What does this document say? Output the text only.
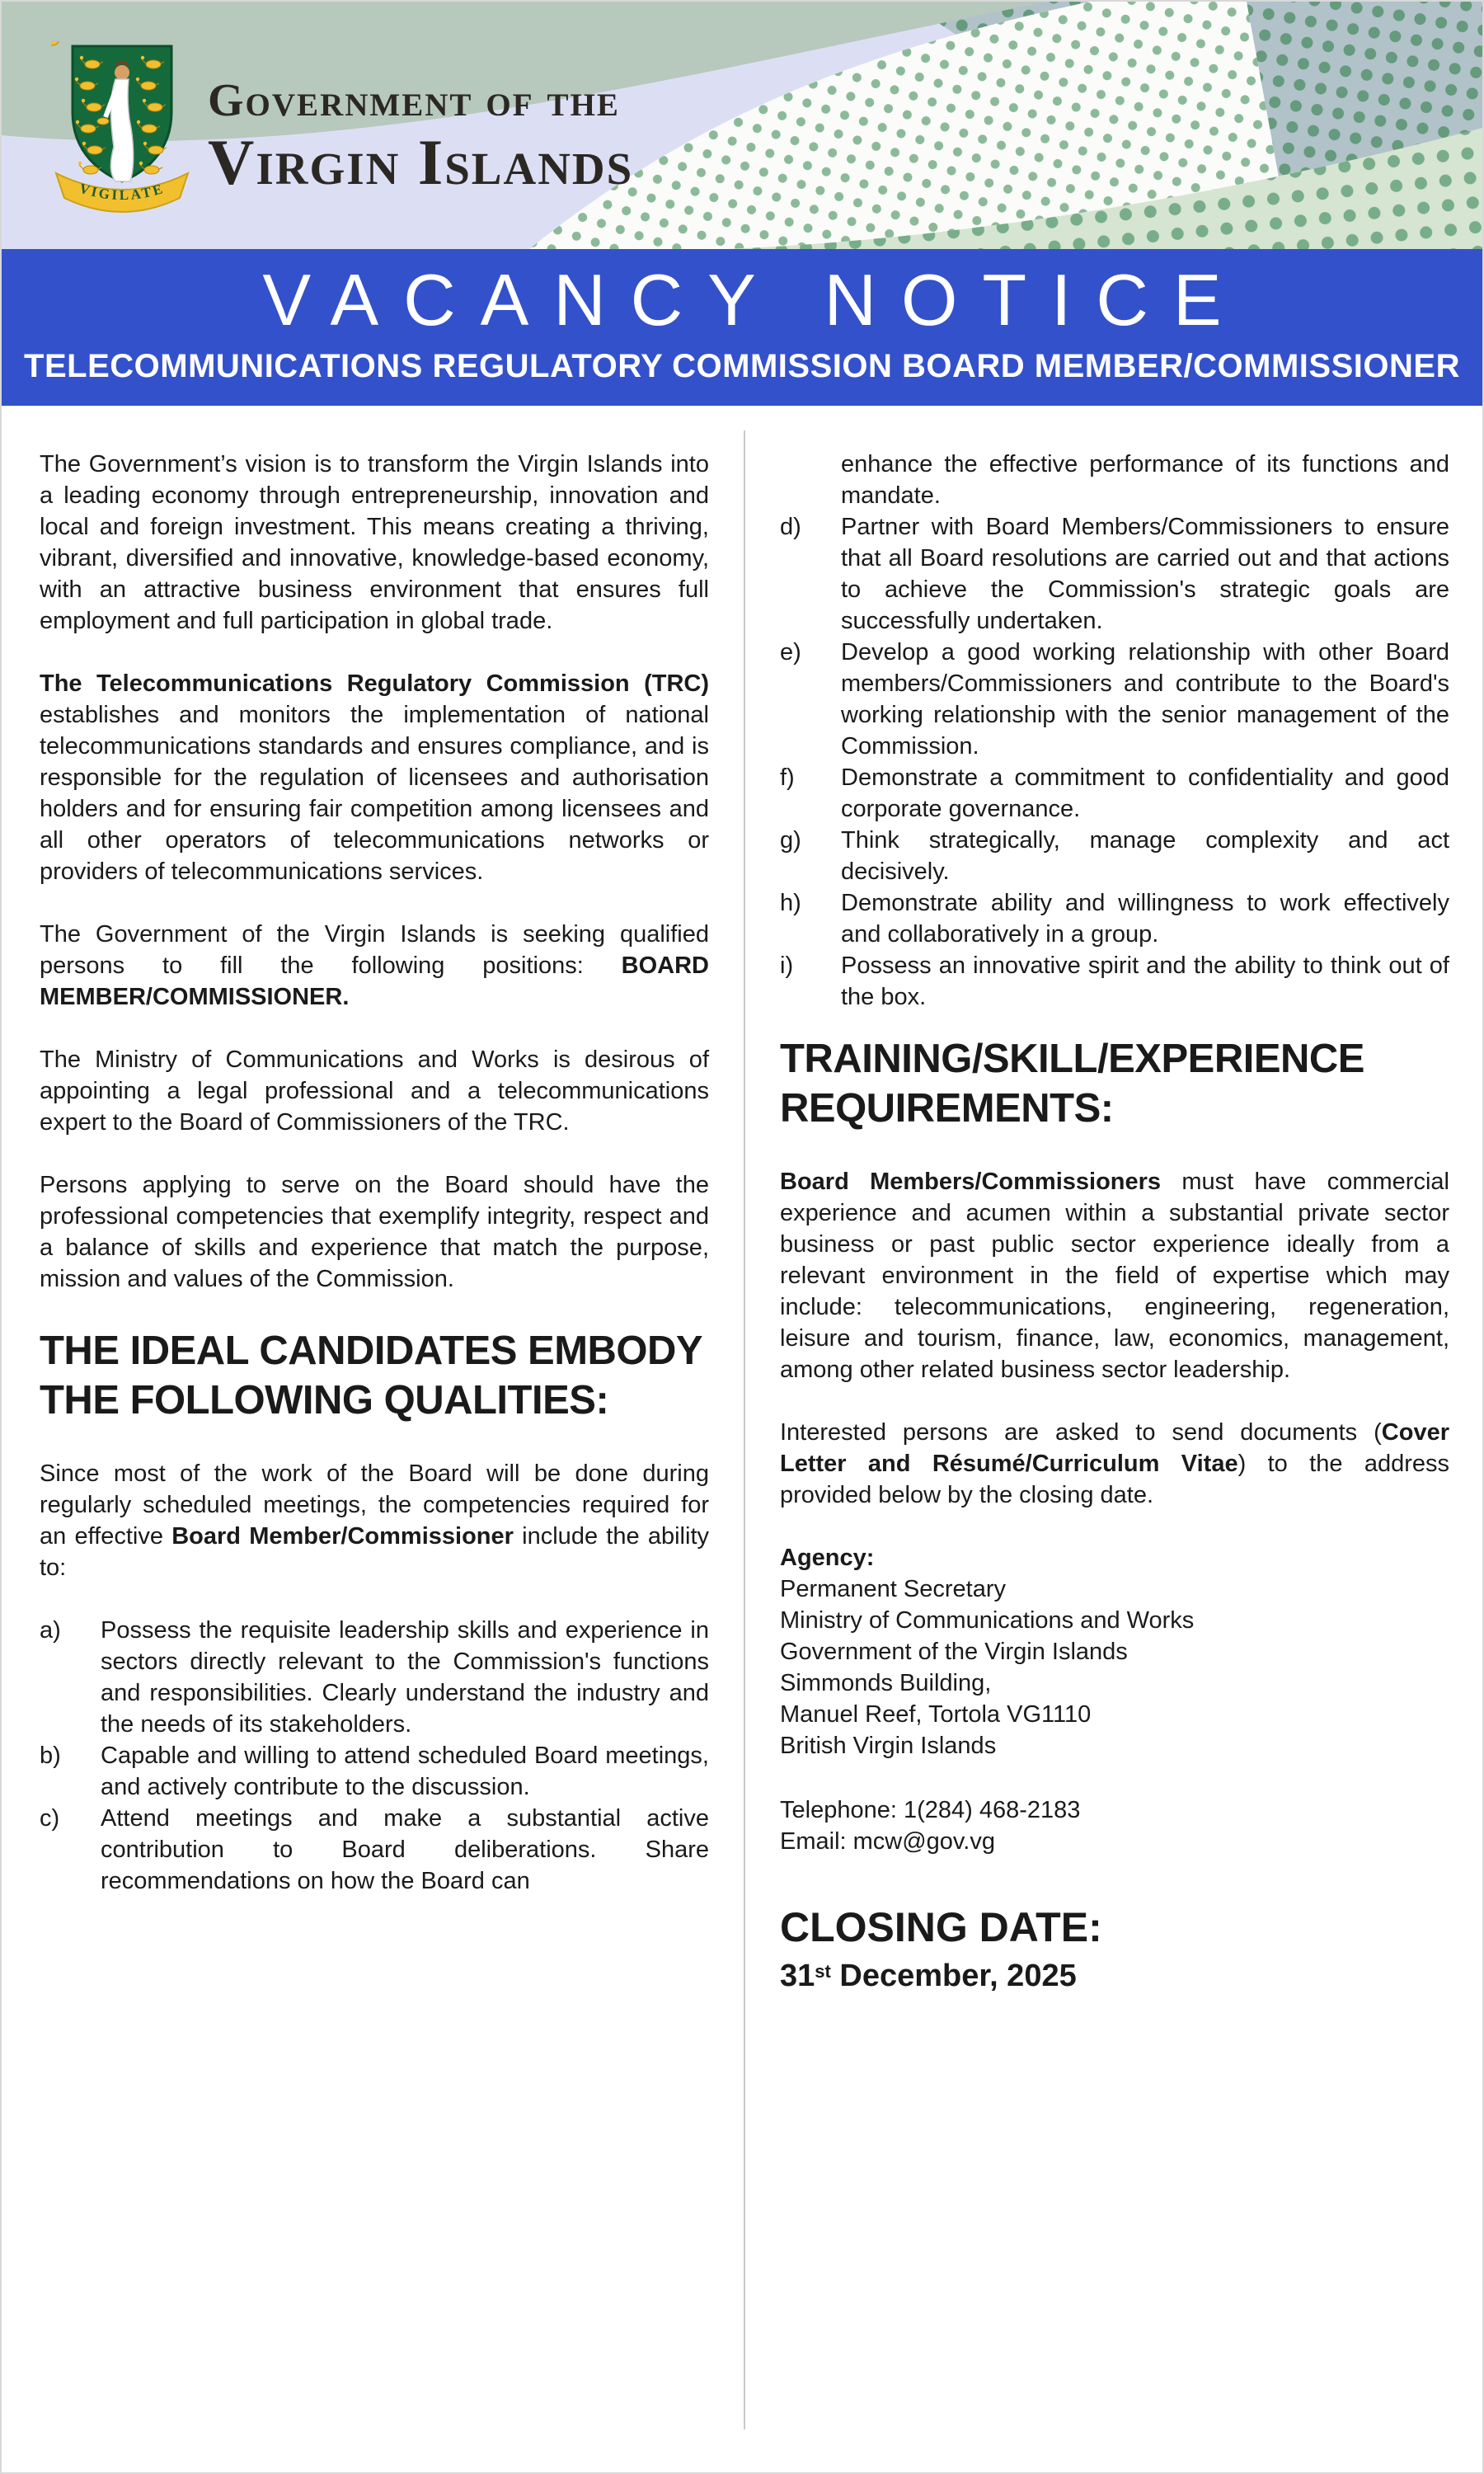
VIGILATE
Government of the
Virgin Islands
VACANCY NOTICE
TELECOMMUNICATIONS REGULATORY COMMISSION BOARD MEMBER/COMMISSIONER

The Government’s vision is to transform the Virgin Islands into a leading economy through entrepreneurship, innovation and local and foreign investment. This means creating a thriving, vibrant, diversified and innovative, knowledge-based economy, with an attractive business environment that ensures full employment and full participation in global trade.

The Telecommunications Regulatory Commission (TRC) establishes and monitors the implementation of national telecommunications standards and ensures compliance, and is responsible for the regulation of licensees and authorisation holders and for ensuring fair competition among licensees and all other operators of telecommunications networks or providers of telecommunications services.

The Government of the Virgin Islands is seeking qualified persons to fill the following positions: BOARD MEMBER/COMMISSIONER.

The Ministry of Communications and Works is desirous of appointing a legal professional and a telecommunications expert to the Board of Commissioners of the TRC.

Persons applying to serve on the Board should have the professional competencies that exemplify integrity, respect and a balance of skills and experience that match the purpose, mission and values of the Commission.

THE IDEAL CANDIDATES EMBODY THE FOLLOWING QUALITIES:

Since most of the work of the Board will be done during regularly scheduled meetings, the competencies required for an effective Board Member/Commissioner include the ability to:

a) Possess the requisite leadership skills and experience in sectors directly relevant to the Commission's functions and responsibilities. Clearly understand the industry and the needs of its stakeholders.
b) Capable and willing to attend scheduled Board meetings, and actively contribute to the discussion.
c) Attend meetings and make a substantial active contribution to Board deliberations. Share recommendations on how the Board can

enhance the effective performance of its functions and mandate.

d) Partner with Board Members/Commissioners to ensure that all Board resolutions are carried out and that actions to achieve the Commission's strategic goals are successfully undertaken.
e) Develop a good working relationship with other Board members/Commissioners and contribute to the Board's working relationship with the senior management of the Commission.
f) Demonstrate a commitment to confidentiality and good corporate governance.
g) Think strategically, manage complexity and act decisively.
h) Demonstrate ability and willingness to work effectively and collaboratively in a group.
i) Possess an innovative spirit and the ability to think out of the box.
TRAINING/SKILL/EXPERIENCE REQUIREMENTS:

Board Members/Commissioners must have commercial experience and acumen within a substantial private sector business or past public sector experience ideally from a relevant environment in the field of expertise which may include: telecommunications, engineering, regeneration, leisure and tourism, finance, law, economics, management, among other related business sector leadership.

Interested persons are asked to send documents (Cover Letter and Résumé/Curriculum Vitae) to the address provided below by the closing date.

Agency:
Permanent Secretary
Ministry of Communications and Works
Government of the Virgin Islands
Simmonds Building,
Manuel Reef, Tortola VG1110
British Virgin Islands
Telephone: 1(284) 468-2183
Email: mcw@gov.vg
CLOSING DATE:
31st December, 2025
